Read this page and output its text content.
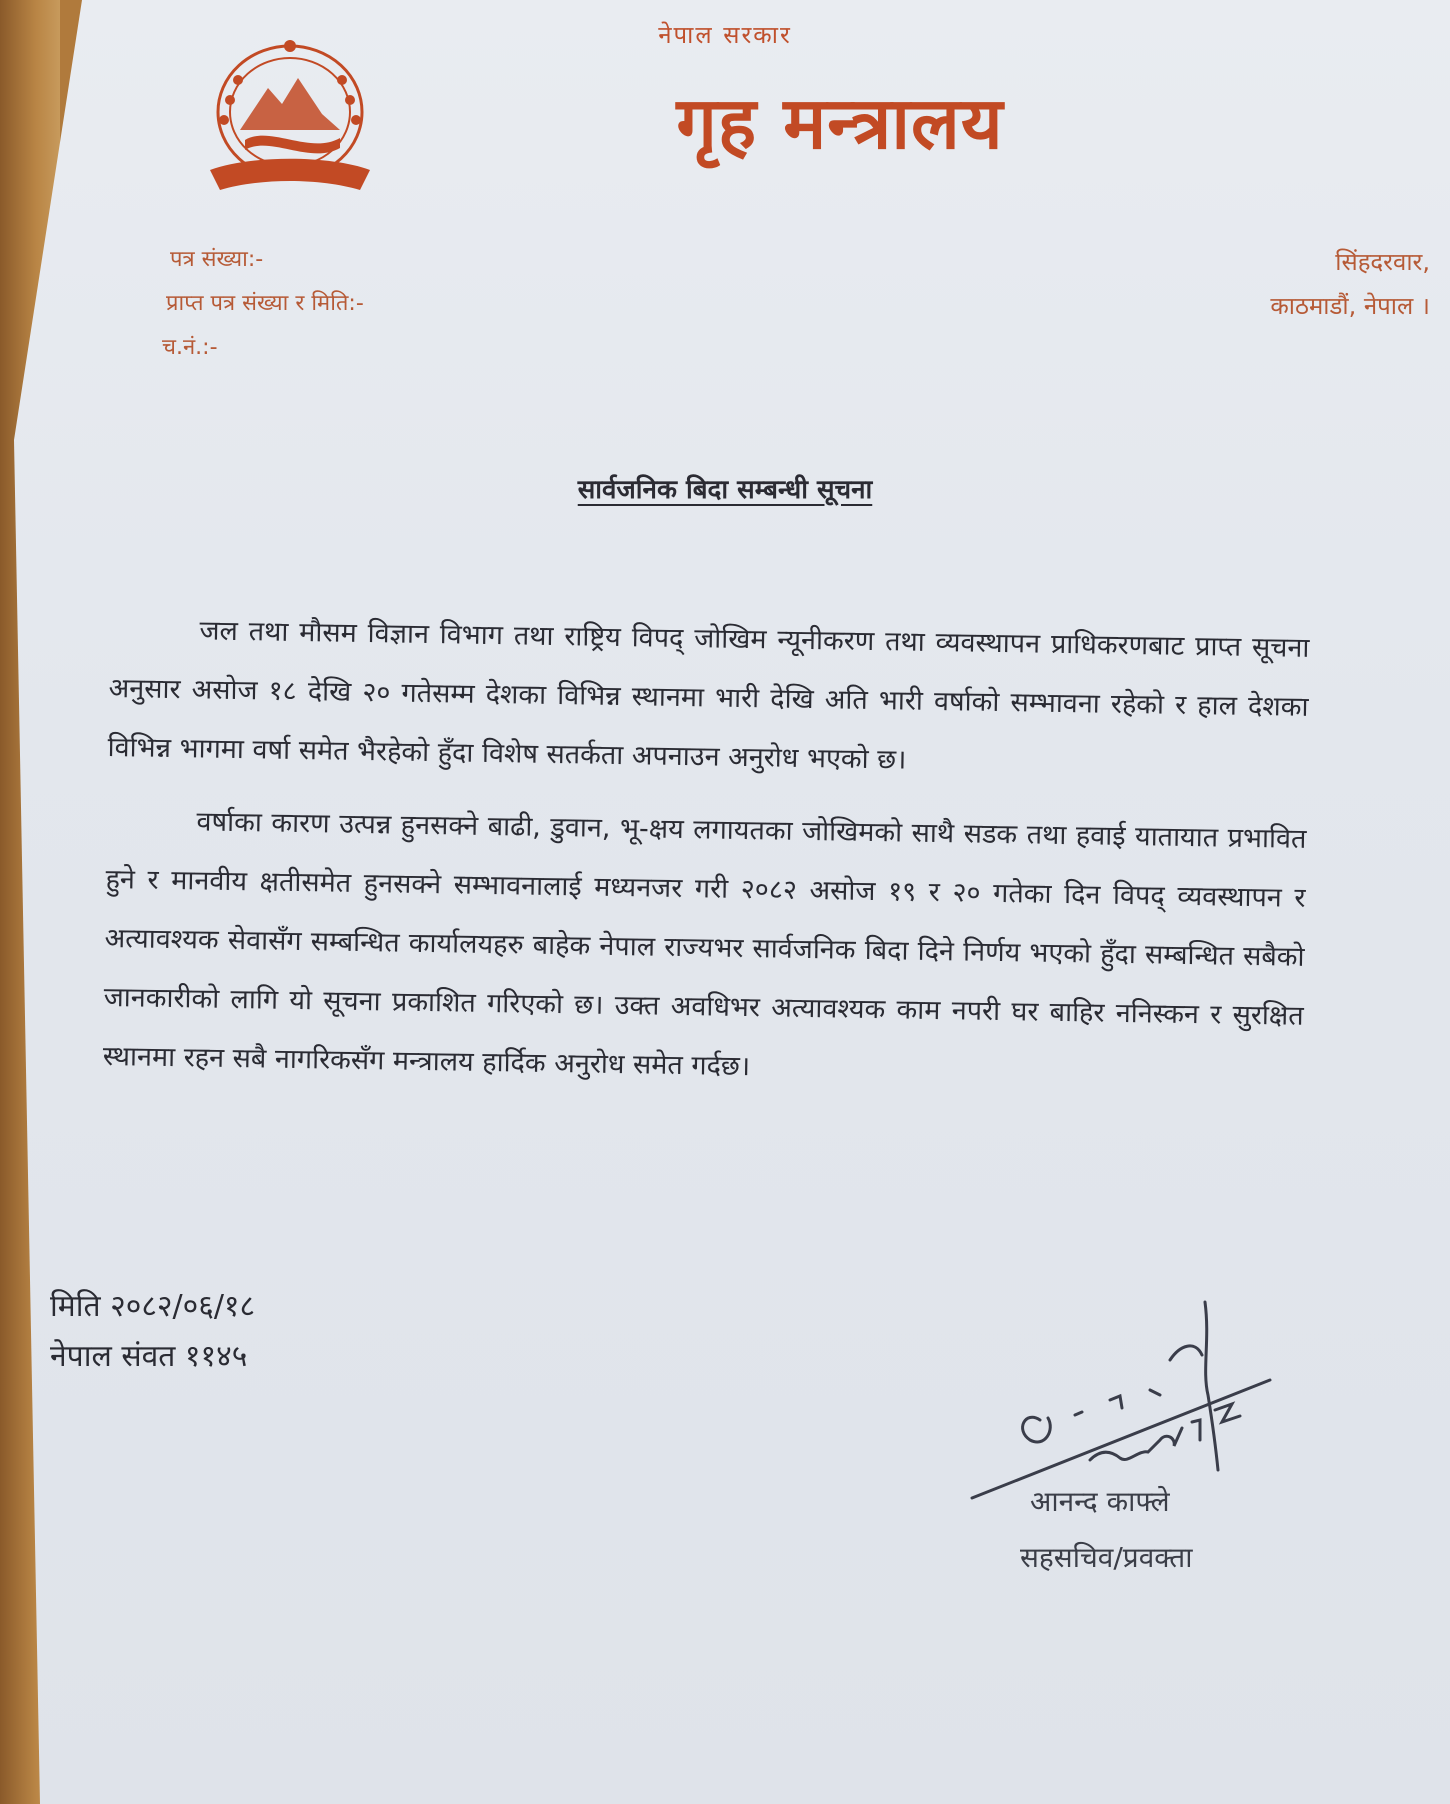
नेपाल सरकार
गृह मन्त्रालय
पत्र संख्या:-
प्राप्त पत्र संख्या र मिति:-
च.नं.:-
सिंहदरवार,
काठमाडौं, नेपाल ।
सार्वजनिक बिदा सम्बन्धी सूचना

जल तथा मौसम विज्ञान विभाग तथा राष्ट्रिय विपद् जोखिम न्यूनीकरण तथा व्यवस्थापन प्राधिकरणबाट प्राप्त सूचना अनुसार असोज १८ देखि २० गतेसम्म देशका विभिन्न स्थानमा भारी देखि अति भारी वर्षाको सम्भावना रहेको र हाल देशका विभिन्न भागमा वर्षा समेत भैरहेको हुँदा विशेष सतर्कता अपनाउन अनुरोध भएको छ।

वर्षाका कारण उत्पन्न हुनसक्ने बाढी, डुवान, भू-क्षय लगायतका जोखिमको साथै सडक तथा हवाई यातायात प्रभावित हुने र मानवीय क्षतीसमेत हुनसक्ने सम्भावनालाई मध्यनजर गरी २०८२ असोज १९ र २० गतेका दिन विपद् व्यवस्थापन र अत्यावश्यक सेवासँग सम्बन्धित कार्यालयहरु बाहेक नेपाल राज्यभर सार्वजनिक बिदा दिने निर्णय भएको हुँदा सम्बन्धित सबैको जानकारीको लागि यो सूचना प्रकाशित गरिएको छ। उक्त अवधिभर अत्यावश्यक काम नपरी घर बाहिर ननिस्कन र सुरक्षित स्थानमा रहन सबै नागरिकसँग मन्त्रालय हार्दिक अनुरोध समेत गर्दछ।

मिति २०८२/०६/१८
नेपाल संवत ११४५
आनन्द काफ्ले
सहसचिव/प्रवक्ता
